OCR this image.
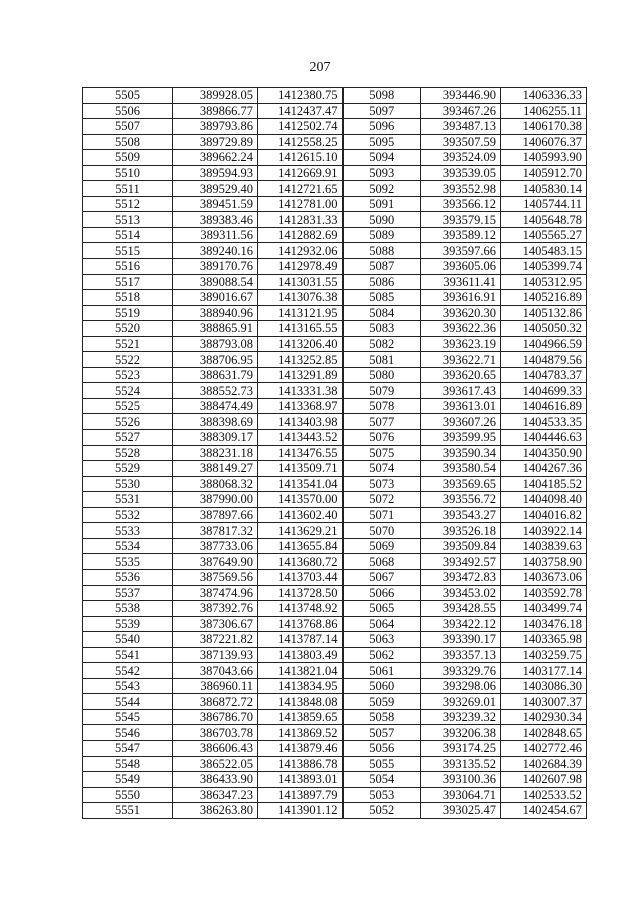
207
5505	389928.05	1412380.75	5098	393446.90	1406336.33
5506	389866.77	1412437.47	5097	393467.26	1406255.11
5507	389793.86	1412502.74	5096	393487.13	1406170.38
5508	389729.89	1412558.25	5095	393507.59	1406076.37
5509	389662.24	1412615.10	5094	393524.09	1405993.90
5510	389594.93	1412669.91	5093	393539.05	1405912.70
5511	389529.40	1412721.65	5092	393552.98	1405830.14
5512	389451.59	1412781.00	5091	393566.12	1405744.11
5513	389383.46	1412831.33	5090	393579.15	1405648.78
5514	389311.56	1412882.69	5089	393589.12	1405565.27
5515	389240.16	1412932.06	5088	393597.66	1405483.15
5516	389170.76	1412978.49	5087	393605.06	1405399.74
5517	389088.54	1413031.55	5086	393611.41	1405312.95
5518	389016.67	1413076.38	5085	393616.91	1405216.89
5519	388940.96	1413121.95	5084	393620.30	1405132.86
5520	388865.91	1413165.55	5083	393622.36	1405050.32
5521	388793.08	1413206.40	5082	393623.19	1404966.59
5522	388706.95	1413252.85	5081	393622.71	1404879.56
5523	388631.79	1413291.89	5080	393620.65	1404783.37
5524	388552.73	1413331.38	5079	393617.43	1404699.33
5525	388474.49	1413368.97	5078	393613.01	1404616.89
5526	388398.69	1413403.98	5077	393607.26	1404533.35
5527	388309.17	1413443.52	5076	393599.95	1404446.63
5528	388231.18	1413476.55	5075	393590.34	1404350.90
5529	388149.27	1413509.71	5074	393580.54	1404267.36
5530	388068.32	1413541.04	5073	393569.65	1404185.52
5531	387990.00	1413570.00	5072	393556.72	1404098.40
5532	387897.66	1413602.40	5071	393543.27	1404016.82
5533	387817.32	1413629.21	5070	393526.18	1403922.14
5534	387733.06	1413655.84	5069	393509.84	1403839.63
5535	387649.90	1413680.72	5068	393492.57	1403758.90
5536	387569.56	1413703.44	5067	393472.83	1403673.06
5537	387474.96	1413728.50	5066	393453.02	1403592.78
5538	387392.76	1413748.92	5065	393428.55	1403499.74
5539	387306.67	1413768.86	5064	393422.12	1403476.18
5540	387221.82	1413787.14	5063	393390.17	1403365.98
5541	387139.93	1413803.49	5062	393357.13	1403259.75
5542	387043.66	1413821.04	5061	393329.76	1403177.14
5543	386960.11	1413834.95	5060	393298.06	1403086.30
5544	386872.72	1413848.08	5059	393269.01	1403007.37
5545	386786.70	1413859.65	5058	393239.32	1402930.34
5546	386703.78	1413869.52	5057	393206.38	1402848.65
5547	386606.43	1413879.46	5056	393174.25	1402772.46
5548	386522.05	1413886.78	5055	393135.52	1402684.39
5549	386433.90	1413893.01	5054	393100.36	1402607.98
5550	386347.23	1413897.79	5053	393064.71	1402533.52
5551	386263.80	1413901.12	5052	393025.47	1402454.67
